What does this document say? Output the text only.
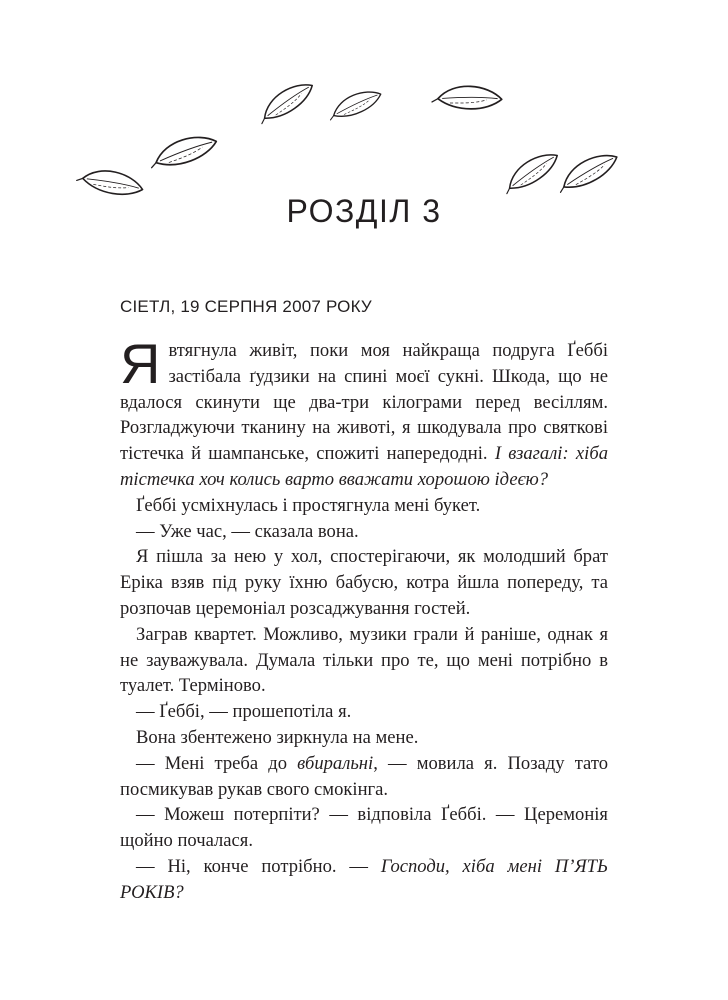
РОЗДІЛ 3
СІЕТЛ, 19 СЕРПНЯ 2007 РОКУ

Явтягнула живіт, поки моя найкраща подруга Ґеббі застібала ґудзики на спині моєї сукні. Шкода, що не вдалося скинути ще два-три кілограми перед весіллям. Розгладжуючи тканину на животі, я шкодувала про святкові тістечка й шампанське, спожиті напередодні. І взагалі: хіба тістечка хоч колись варто вважати хорошою ідеєю?

Ґеббі усміхнулась і простягнула мені букет.

— Уже час, — сказала вона.

Я пішла за нею у хол, спостерігаючи, як молодший брат Еріка взяв під руку їхню бабусю, котра йшла попереду, та розпочав церемоніал розсаджування гостей.

Заграв квартет. Можливо, музики грали й раніше, однак я не зауважувала. Думала тільки про те, що мені потрібно в туалет. Терміново.

— Ґеббі, — прошепотіла я.

Вона збентежено зиркнула на мене.

— Мені треба до вбиральні, — мовила я. Позаду тато посмикував рукав свого смокінга.

— Можеш потерпіти? — відповіла Ґеббі. — Церемонія щойно почалася.

— Ні, конче потрібно. — Господи, хіба мені П’ЯТЬ РОКІВ?
